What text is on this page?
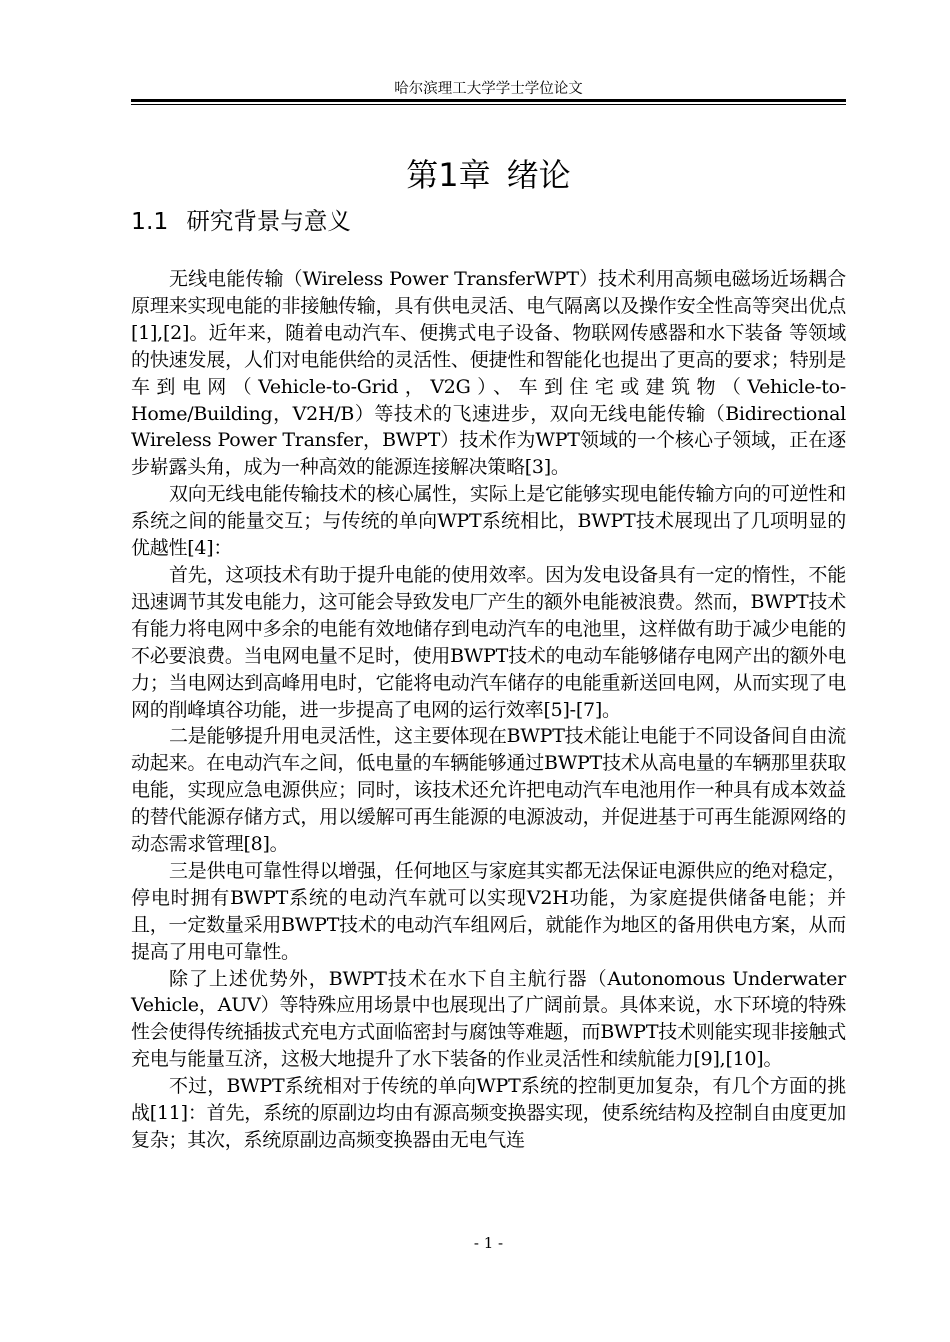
哈尔滨理工大学学士学位论文
第1章 绪论
1.1 研究背景与意义

无线电能传输（Wireless Power TransferWPT）技术利用高频电磁场近场耦合原理来实现电能的非接触传输，具有供电灵活、电气隔离以及操作安全性高等突出优点[1],[2]。近年来，随着电动汽车、便携式电子设备、物联网传感器和水下装备 等领域的快速发展，人们对电能供给的灵活性、便捷性和智能化也提出了更高的要求；特别是车到电网（Vehicle-to-Grid，V2G）、车到住宅或建筑物（Vehicle-to-Home/Building，V2H/B）等技术的飞速进步，双向无线电能传输（Bidirectional Wireless Power Transfer，BWPT）技术作为WPT领域的一个核心子领域，正在逐步崭露头角，成为一种高效的能源连接解决策略[3]。

双向无线电能传输技术的核心属性，实际上是它能够实现电能传输方向的可逆性和系统之间的能量交互；与传统的单向WPT系统相比，BWPT技术展现出了几项明显的优越性[4]：

首先，这项技术有助于提升电能的使用效率。因为发电设备具有一定的惰性，不能迅速调节其发电能力，这可能会导致发电厂产生的额外电能被浪费。然而，BWPT技术有能力将电网中多余的电能有效地储存到电动汽车的电池里，这样做有助于减少电能的不必要浪费。当电网电量不足时，使用BWPT技术的电动车能够储存电网产出的额外电力；当电网达到高峰用电时，它能将电动汽车储存的电能重新送回电网，从而实现了电网的削峰填谷功能，进一步提高了电网的运行效率[5]-[7]。

二是能够提升用电灵活性，这主要体现在BWPT技术能让电能于不同设备间自由流动起来。在电动汽车之间，低电量的车辆能够通过BWPT技术从高电量的车辆那里获取电能，实现应急电源供应；同时，该技术还允许把电动汽车电池用作一种具有成本效益的替代能源存储方式，用以缓解可再生能源的电源波动，并促进基于可再生能源网络的动态需求管理[8]。

三是供电可靠性得以增强，任何地区与家庭其实都无法保证电源供应的绝对稳定，停电时拥有BWPT系统的电动汽车就可以实现V2H功能，为家庭提供储备电能；并且，一定数量采用BWPT技术的电动汽车组网后，就能作为地区的备用供电方案，从而提高了用电可靠性。

除了上述优势外，BWPT技术在水下自主航行器（Autonomous Underwater Vehicle，AUV）等特殊应用场景中也展现出了广阔前景。具体来说，水下环境的特殊性会使得传统插拔式充电方式面临密封与腐蚀等难题，而BWPT技术则能实现非接触式充电与能量互济，这极大地提升了水下装备的作业灵活性和续航能力[9],[10]。

不过，BWPT系统相对于传统的单向WPT系统的控制更加复杂，有几个方面的挑战[11]：首先，系统的原副边均由有源高频变换器实现，使系统结构及控制自由度更加复杂；其次，系统原副边高频变换器由无电气连

- 1 -
